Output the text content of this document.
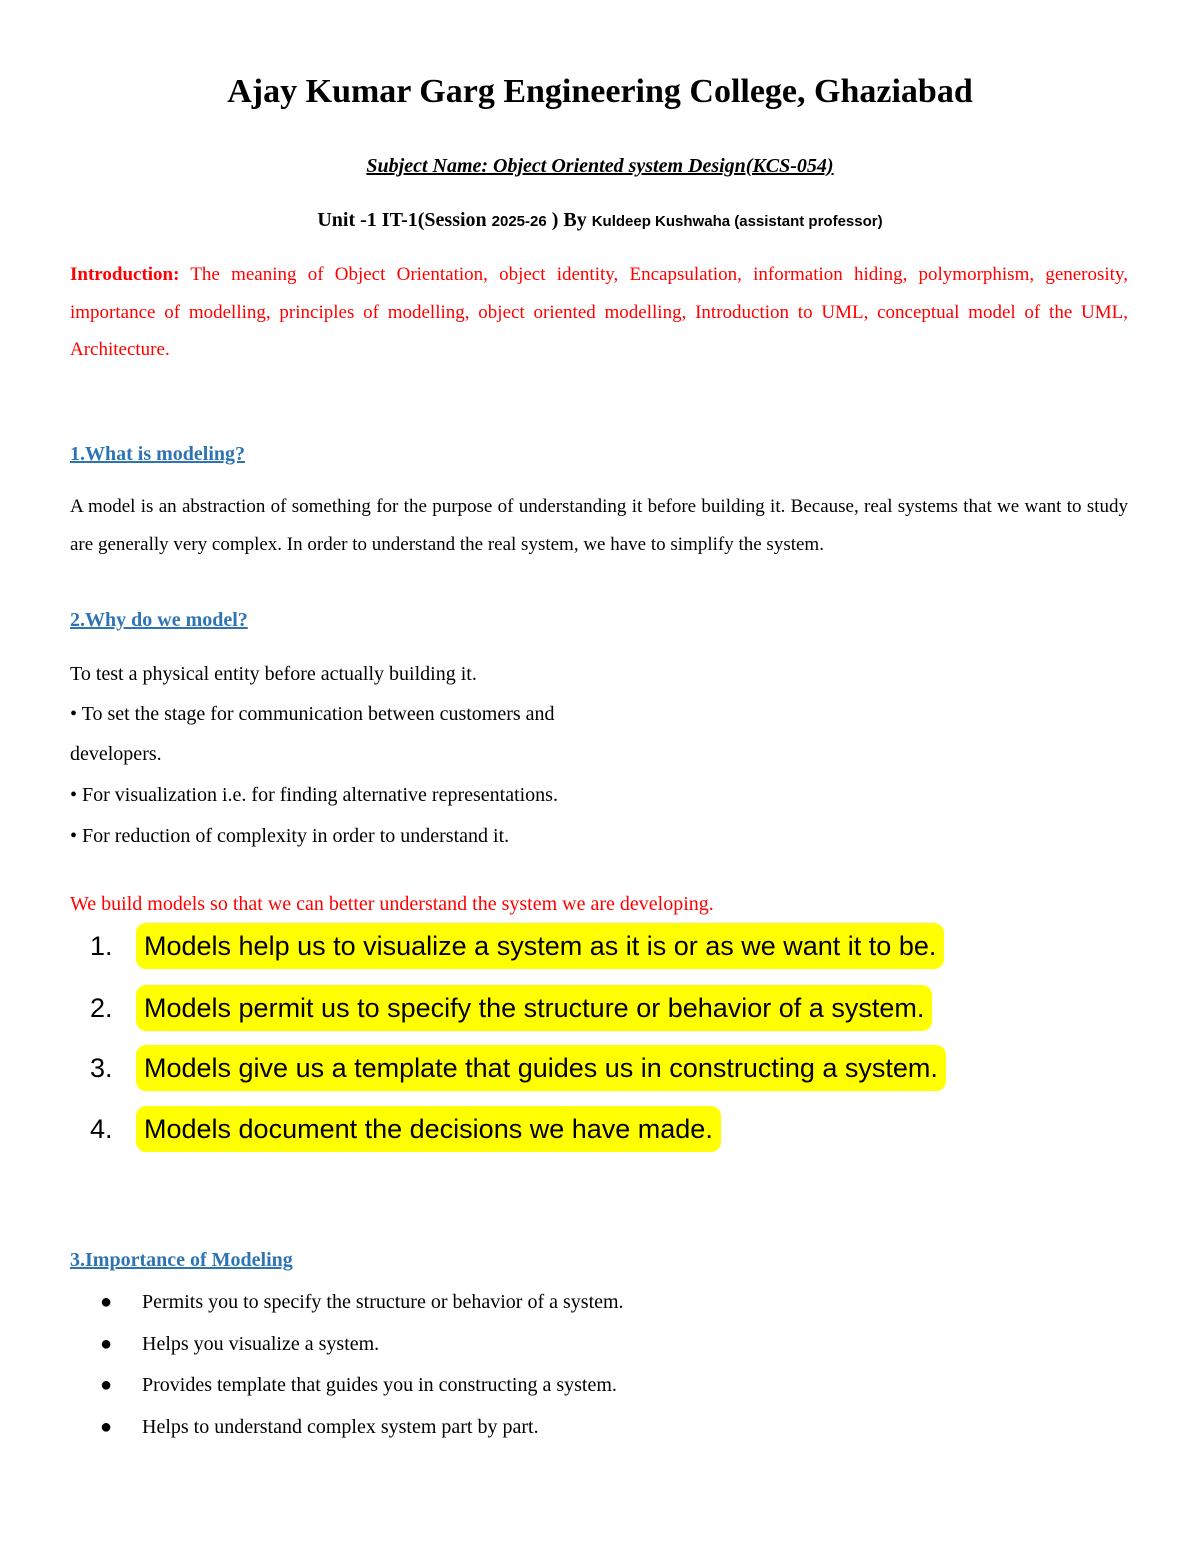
Ajay Kumar Garg Engineering College, Ghaziabad
Subject Name: Object Oriented system Design(KCS-054)
Unit -1 IT-1(Session 2025-26 ) By Kuldeep Kushwaha (assistant professor)
Introduction: The meaning of Object Orientation, object identity, Encapsulation, information hiding, polymorphism, generosity, importance of modelling, principles of modelling, object oriented modelling, Introduction to UML, conceptual model of the UML, Architecture.
1.What is modeling?
A model is an abstraction of something for the purpose of understanding it before building it. Because, real systems that we want to study are generally very complex. In order to understand the real system, we have to simplify the system.
2.Why do we model?
To test a physical entity before actually building it.
• To set the stage for communication between customers and
developers.
• For visualization i.e. for finding alternative representations.
• For reduction of complexity in order to understand it.
We build models so that we can better understand the system we are developing.
1. Models help us to visualize a system as it is or as we want it to be.
2. Models permit us to specify the structure or behavior of a system.
3. Models give us a template that guides us in constructing a system.
4. Models document the decisions we have made.
3.Importance of Modeling
● Permits you to specify the structure or behavior of a system.
● Helps you visualize a system.
● Provides template that guides you in constructing a system.
● Helps to understand complex system part by part.
